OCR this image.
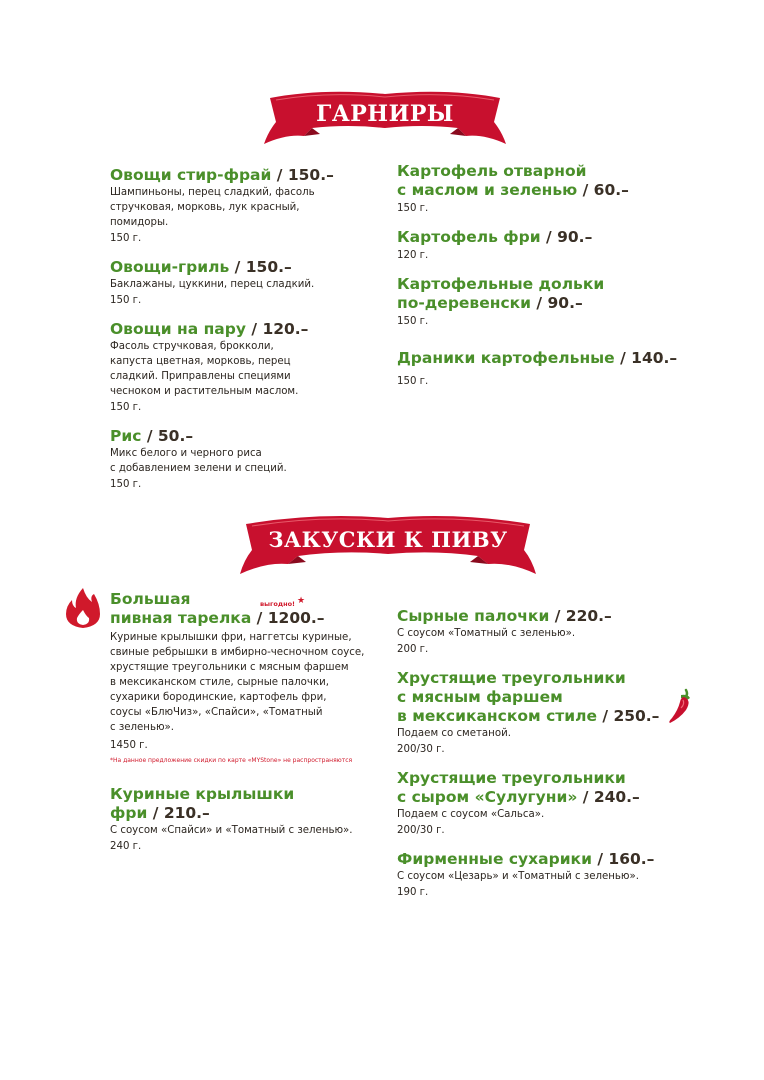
ГАРНИРЫ
Овощи стир-фрай / 150.–
Шампиньоны, перец сладкий, фасоль
стручковая, морковь, лук красный,
помидоры.
150 г.
Овощи-гриль / 150.–
Баклажаны, цуккини, перец сладкий.
150 г.
Овощи на пару / 120.–
Фасоль стручковая, брокколи,
капуста цветная, морковь, перец
сладкий. Приправлены специями
чесноком и растительным маслом.
150 г.
Рис / 50.–
Микс белого и черного риса
с добавлением зелени и специй.
150 г.
Картофель отварной
с маслом и зеленью / 60.–
150 г.
Картофель фри / 90.–
120 г.
Картофельные дольки
по-деревенски / 90.–
150 г.
Драники картофельные / 140.–
150 г.
ЗАКУСКИ К ПИВУ
Большая
пивная тарелка / 1200.–
Куриные крылышки фри, наггетсы куриные,
свиные ребрышки в имбирно-чесночном соусе,
хрустящие треугольники с мясным фаршем
в мексиканском стиле, сырные палочки,
сухарики бородинские, картофель фри,
соусы «БлюЧиз», «Спайси», «Томатный
с зеленью».
1450 г.
*На данное предложение скидки по карте «MYStone» не распространяются
Куриные крылышки
фри / 210.–
С соусом «Спайси» и «Томатный с зеленью».
240 г.
выгодно! ★
Сырные палочки / 220.–
С соусом «Томатный с зеленью».
200 г.
Хрустящие треугольники
с мясным фаршем
в мексиканском стиле / 250.–
Подаем со сметаной.
200/30 г.
Хрустящие треугольники
с сыром «Сулугуни» / 240.–
Подаем с соусом «Сальса».
200/30 г.
Фирменные сухарики / 160.–
С соусом «Цезарь» и «Томатный с зеленью».
190 г.
